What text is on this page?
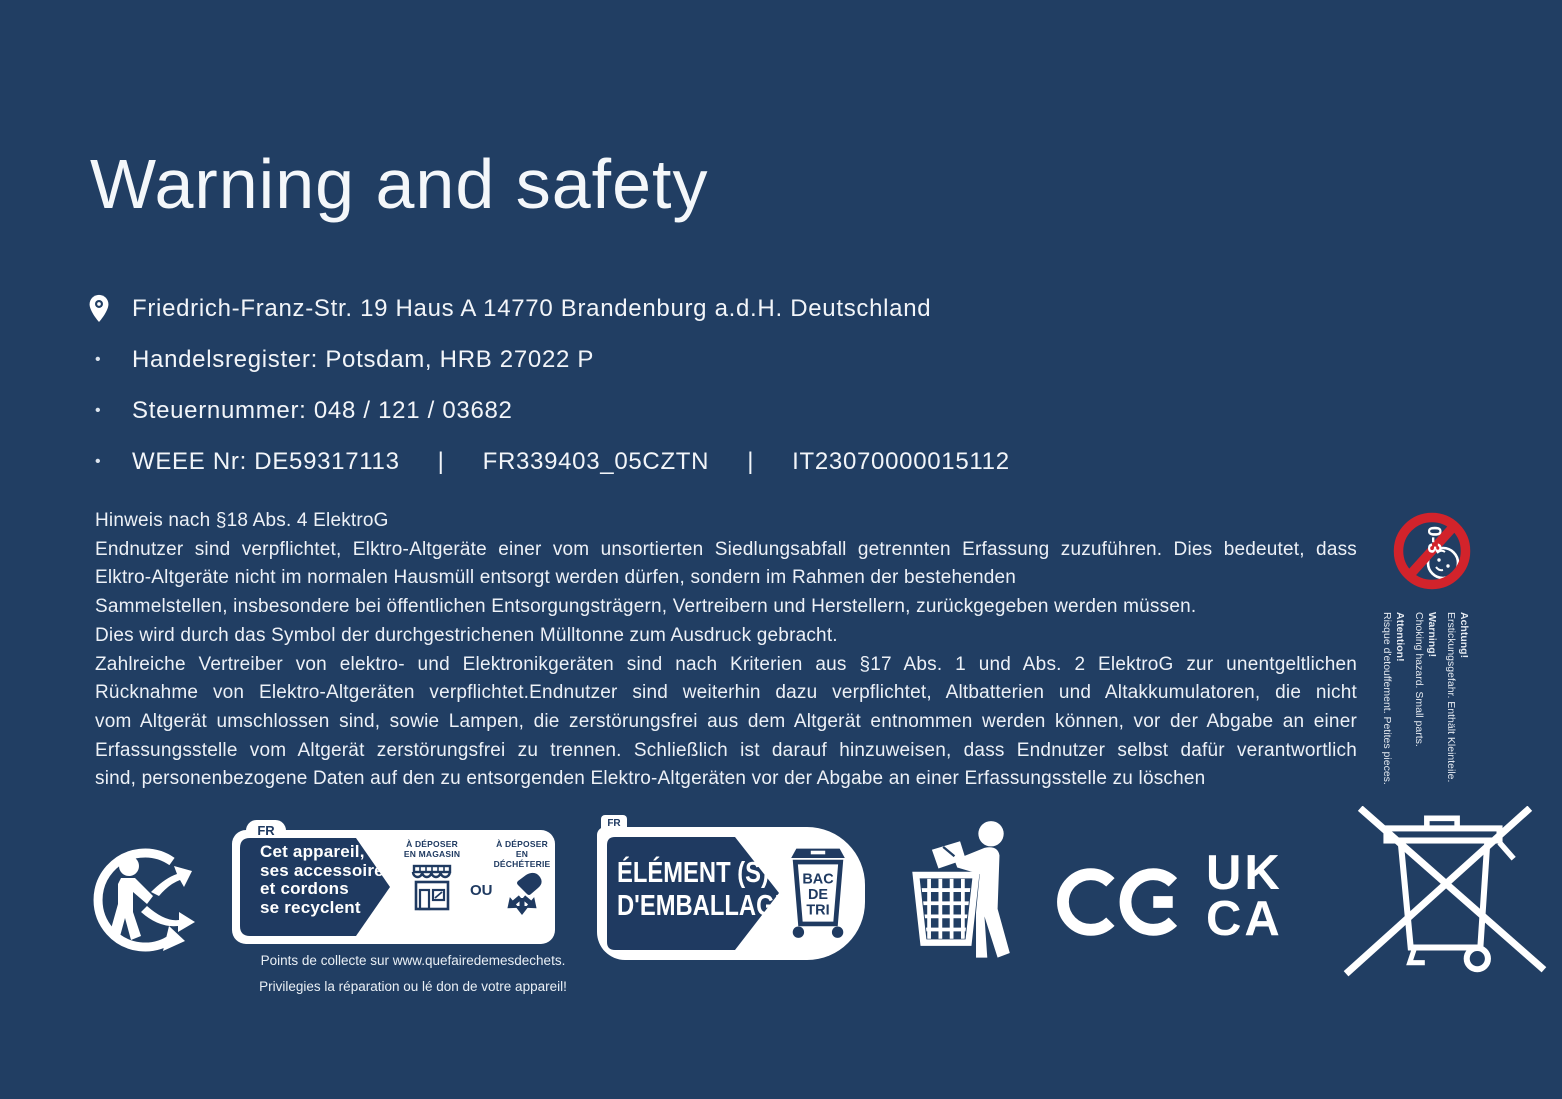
Warning and safety
Friedrich-Franz-Str. 19 Haus A 14770 Brandenburg a.d.H. Deutschland
• Handelsregister: Potsdam, HRB 27022 P
• Steuernummer: 048 / 121 / 03682
• WEEE Nr: DE59317113 | FR339403_05CZTN | IT23070000015112
Hinweis nach §18 Abs. 4 ElektroG
Endnutzer sind verpflichtet, Elktro-Altgeräte einer vom unsortierten Siedlungsabfall getrennten Erfassung zuzuführen. Dies bedeutet, dass
Elktro-Altgeräte nicht im normalen Hausmüll entsorgt werden dürfen, sondern im Rahmen der bestehenden
Sammelstellen, insbesondere bei öffentlichen Entsorgungsträgern, Vertreibern und Herstellern, zurückgegeben werden müssen.
Dies wird durch das Symbol der durchgestrichenen Mülltonne zum Ausdruck gebracht.
Zahlreiche Vertreiber von elektro- und Elektronikgeräten sind nach Kriterien aus §17 Abs. 1 und Abs. 2 ElektroG zur unentgeltlichen
Rücknahme von Elektro-Altgeräten verpflichtet.Endnutzer sind weiterhin dazu verpflichtet, Altbatterien und Altakkumulatoren, die nicht
vom Altgerät umschlossen sind, sowie Lampen, die zerstörungsfrei aus dem Altgerät entnommen werden können, vor der Abgabe an einer
Erfassungsstelle vom Altgerät zerstörungsfrei zu trennen. Schließlich ist darauf hinzuweisen, dass Endnutzer selbst dafür verantwortlich
sind, personenbezogene Daten auf den zu entsorgenden Elektro-Altgeräten vor der Abgabe an einer Erfassungsstelle zu löschen
0-3
Achtung!
Erstickungsgefahr. Enthält Kleinteile.
Warning!
Choking hazard. Small parts.
Attention!
Risque d'etouffement. Petites pieces.
FR
Cet appareil,
ses accessoires
et cordons
se recyclent
À DÉPOSER
EN MAGASIN
OU
À DÉPOSER
EN DÉCHÉTERIE
Points de collecte sur www.quefairedemesdechets.
Privilegies la réparation ou lé don de votre appareil!
FR
ÉLÉMENT (S)
D'EMBALLAGE
BAC
DE
TRI
UK
CA
